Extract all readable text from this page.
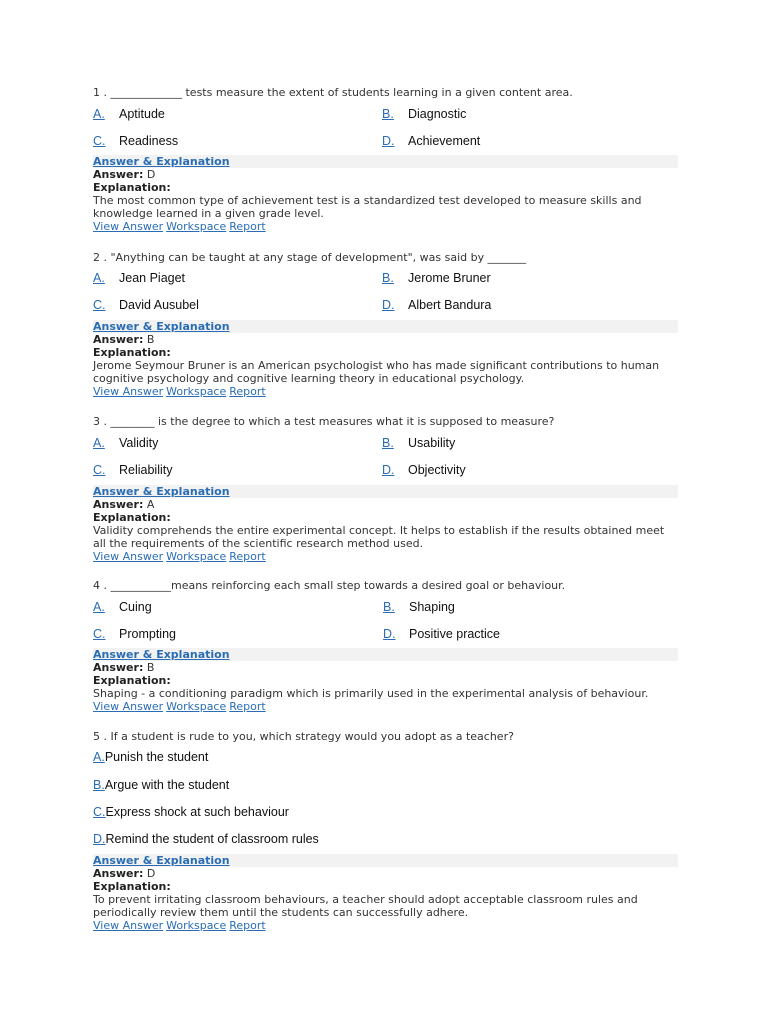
1 . _____________ tests measure the extent of students learning in a given content area.
A. Aptitude	B. Diagnostic
C. Readiness	D. Achievement
Answer & Explanation
Answer: D
Explanation:
The most common type of achievement test is a standardized test developed to measure skills and knowledge learned in a given grade level.
View Answer Workspace Report
2 . "Anything can be taught at any stage of development", was said by _______
A. Jean Piaget	B. Jerome Bruner
C. David Ausubel	D. Albert Bandura
Answer & Explanation
Answer: B
Explanation:
Jerome Seymour Bruner is an American psychologist who has made significant contributions to human cognitive psychology and cognitive learning theory in educational psychology.
View Answer Workspace Report
3 . ________ is the degree to which a test measures what it is supposed to measure?
A. Validity	B. Usability
C. Reliability	D. Objectivity
Answer & Explanation
Answer: A
Explanation:
Validity comprehends the entire experimental concept. It helps to establish if the results obtained meet all the requirements of the scientific research method used.
View Answer Workspace Report
4 . ___________means reinforcing each small step towards a desired goal or behaviour.
A. Cuing	B. Shaping
C. Prompting	D. Positive practice
Answer & Explanation
Answer: B
Explanation:
Shaping - a conditioning paradigm which is primarily used in the experimental analysis of behaviour.
View Answer Workspace Report
5 . If a student is rude to you, which strategy would you adopt as a teacher?
A.Punish the student
B.Argue with the student
C.Express shock at such behaviour
D.Remind the student of classroom rules
Answer & Explanation
Answer: D
Explanation:
To prevent irritating classroom behaviours, a teacher should adopt acceptable classroom rules and periodically review them until the students can successfully adhere.
View Answer Workspace Report
